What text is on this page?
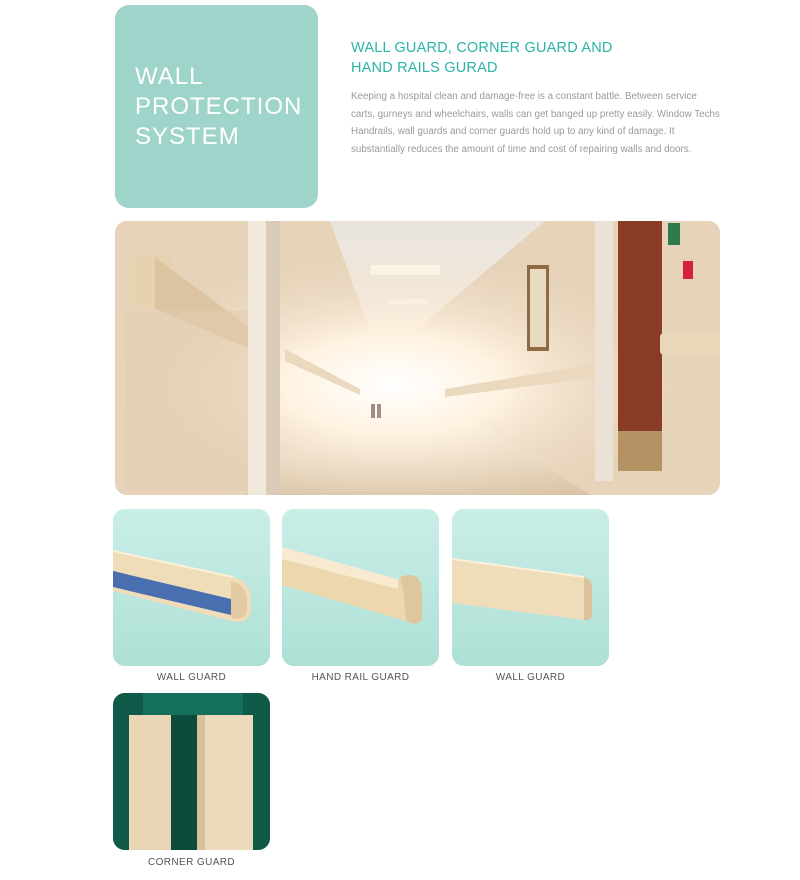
WALL
PROTECTION
SYSTEM
WALL GUARD, CORNER GUARD AND
HAND RAILS GURAD

Keeping a hospital clean and damage-free is a constant battle. Between service carts, gurneys and wheelchairs, walls can get banged up pretty easily. Window Techs Handrails, wall guards and corner guards hold up to any kind of damage. It substantially reduces the amount of time and cost of repairing walls and doors.

WALL GUARD	HAND RAIL GUARD	WALL GUARD
CORNER GUARD
